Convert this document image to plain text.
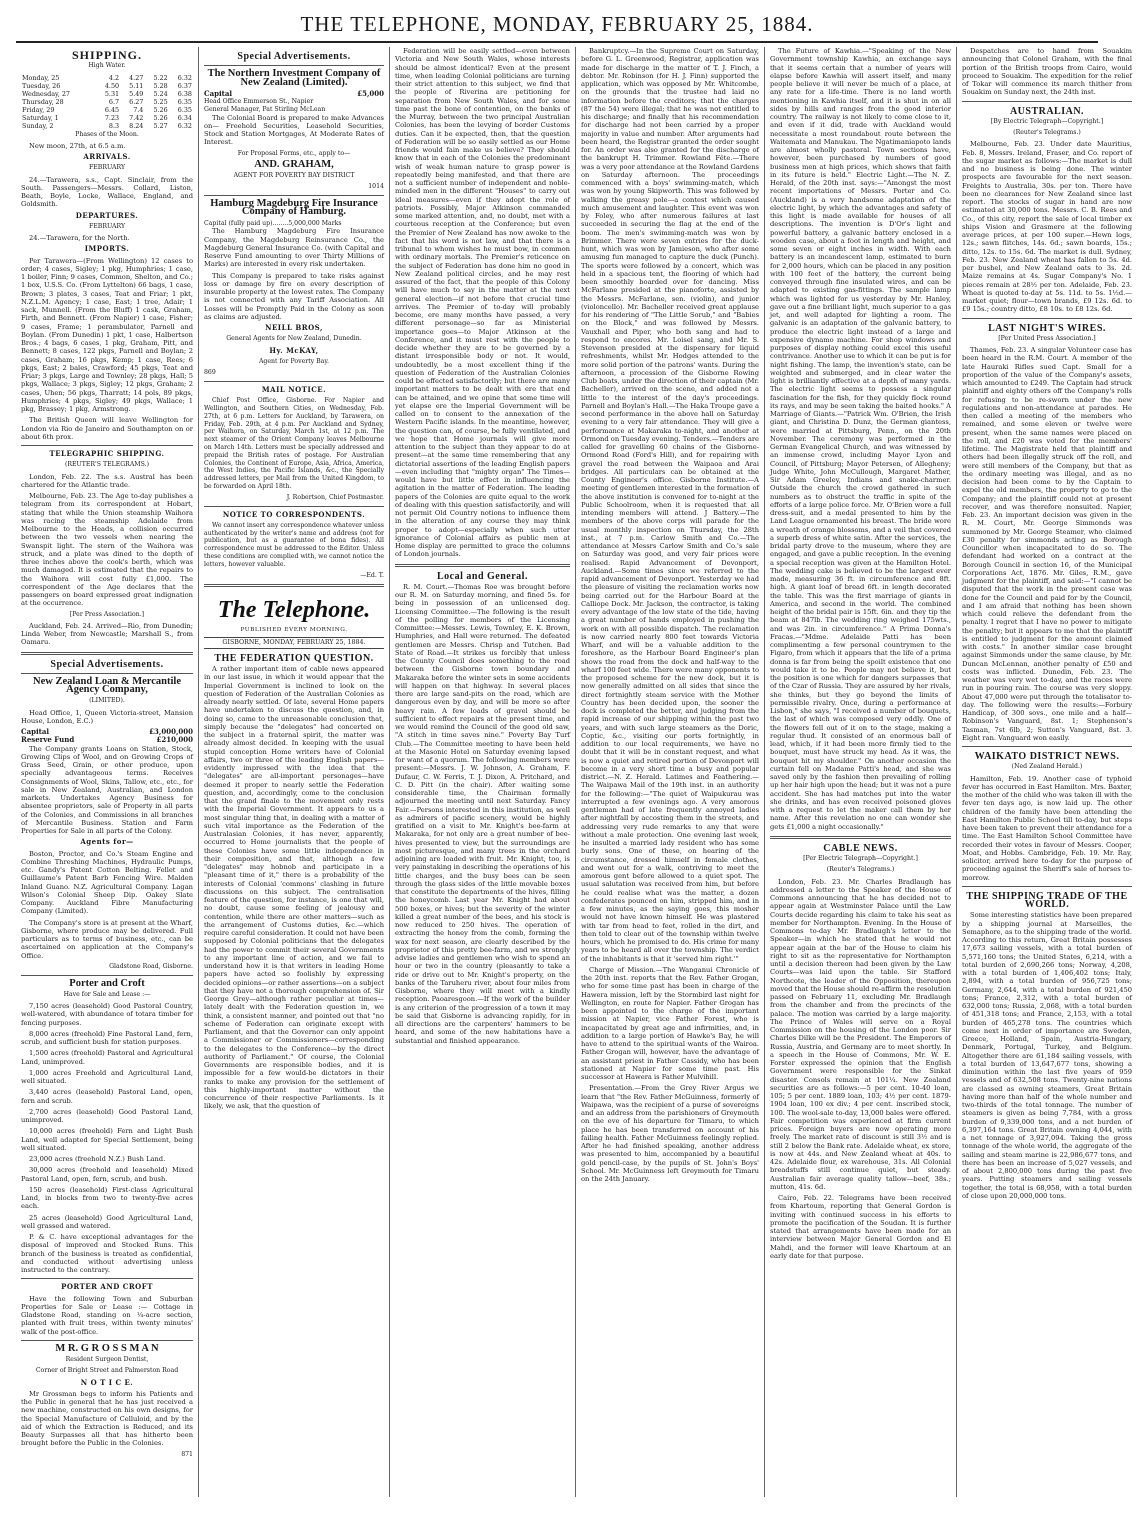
THE TELEPHONE, MONDAY, FEBRUARY 25, 1884.
SHIPPING.
High Water.
Monday, 25	4.2	4.27	5.22	6.32
Tuesday, 26	4.50	5.11	5.28	6.37
Wednesday, 27	5.31	5.49	5.24	6.38
Thursday, 28	6.7	6.27	5.25	6.35
Friday, 29	6.45	7.4	5.26	6.35
Saturday, 1	7.23	7.42	5.26	6.34
Sunday, 2	8.3	8.24	5.27	6.32
Phases of the Moon.

New moon, 27th, at 6.5 a.m.

ARRIVALS.
FEBRUARY

24.—Tarawera, s.s., Capt. Sinclair, from the South. Passengers—Messrs. Collard, Liston, Beath, Boyle, Locke, Wallace, England, and Goldsmith.

DEPARTURES.
FEBRUARY

24.—Tarawera, for the North.

IMPORTS.

Per Tarawera—(From Wellington) 12 cases to order; 4 cases, Sigley; 1 pkg, Humphries; 1 case, 1 boiler, Finn; 9 cases, Common, Shelton, and Co.; 1 box, U.S.S. Co. (From Lyttelton) 66 bags, 1 case, Brown; 3 plates, 3 cases, Teat and Friar; 1 pkt, N.Z.L.M. Agency; 1 case, East; 1 tree, Adair; 1 sack, Munnell. (From the Bluff) 1 cask, Graham, Firth, and Bennett. (From Napier) 1 case, Fisher; 9 cases, Frame; 1 perambulator, Parnell and Boylan. (From Dunedin) 1 pkt, 1 case, Halbertson Bros.; 4 bags, 6 cases, 1 pkg, Graham, Pitt, and Bennett; 8 cases, 122 pkgs, Parnell and Boylan; 2 cases, Graham; 16 pkgs, Kemp; 1 case, Rees; 6 pkgs, East; 2 bales, Crawford; 45 pkgs, Teat and Friar; 3 pkgs, Large and Townley; 28 pkgs, Hall; 5 pkgs, Wallace; 3 pkgs, Sigley; 12 pkgs, Graham; 2 cases, Uhen; 56 pkgs, Tharratt; 14 pols, 89 pkgs, Humphries; 4 pkgs, Sigley; 49 pkgs, Wallace; 1 pkg, Brassey; 1 pkg, Armstrong.

The British Queen will leave Wellington for London via Rio de Janeiro and Southampton on or about 6th prox.

TELEGRAPHIC SHIPPING.
(REUTER'S TELEGRAMS.)

London, Feb. 22. The s.s. Austral has been chartered for the Atlantic trade.

Melbourne, Feb. 23. The Age to-day publishes a telegram from its correspondent at Hobart, stating that while the Union steamship Waihora was racing the steamship Adelaide from Melbourne to the Heads, a collision occurred between the two vessels when nearing the Swanspit light. The stern of the Waihora was struck, and a plate was dined to the depth of three inches above the cook's berth, which was much damaged. It is estimated that the repairs to the Waihora will cost fully £1,000. The correspondent of the Age declares that the passengers on board expressed great indignation at the occurrence.

[Per Press Association.]

Auckland, Feb. 24. Arrived—Rio, from Dunedin; Linda Weber, from Newcastle; Marshall S., from Oamaru.

Special Advertisements.
New Zealand Loan & Mercantile Agency Company,
(LIMITED).

Head Office, 1, Queen Victoria-street, Mansion House, London, E.C.)

Capital	£3,000,000
Reserve Fund	£210,000

The Company grants Loans on Station, Stock, Growing Clips of Wool, and on Growing Crops of Grass Seed, Grain, or other produce, upon specially advantageous terms. Receives Consignments of Wool, Skins, Tallow, etc., etc., for sale in New Zealand, Australian, and London markets. Undertakes Agency Business for absentee proprietors, sale of Property in all parts of the Colonies, and Commissions in all branches of Mercantile Business. Station and Farm Properties for Sale in all parts of the Colony.

Agents for—

Boston, Proctor, and Co.'s Steam Engine and Combine Threshing Machines, Hydraulic Pumps, etc. Gandy's Patent Cotton Belting. Fellet and Guillaume's Patent Barb Fencing Wire. Malden Inland Guano. N.Z. Agricultural Company. Lagan Wilson's Colonial Sheep Dip. Oakey Slate Company. Auckland Fibre Manufacturing Company (Limited).

The Company's store is at present at the Wharf, Gisborne, where produce may be delivered. Full particulars as to terms of business, etc., can be ascertained on application at the Company's Office.

Gladstone Road, Gisborne.
Porter and Croft
Have for Sale and Lease :—

7,150 acres (leasehold) Good Pastoral Country, well-watered, with abundance of totara timber for fencing purposes.

8,000 acres (freehold) Fine Pastoral Land, fern, scrub, and sufficient bush for station purposes.

1,500 acres (freehold) Pastoral and Agricultural Land, unimproved.

1,000 acres Freehold and Agricultural Land, well situated.

3,440 acres (leasehold) Pastoral Land, open, fern and scrub.

2,700 acres (leasehold) Good Pastoral Land, unimproved.

10,000 acres (freehold) Fern and Light Bush Land, well adapted for Special Settlement, being well situated.

23,000 acres (freehold N.Z.) Bush Land.

30,000 acres (freehold and leasehold) Mixed Pastoral Land, open, fern, scrub, and bush.

150 acres (leasehold) First-class Agricultural Land, in blocks from two to twenty-five acres each.

25 acres (leasehold) Good Agricultural Land, well grassed and watered.

P. & C. have exceptional advantages for the disposal of improved and Stocked Runs. This branch of the business is treated as confidential, and conducted without advertising unless instructed to the contrary.

PORTER AND CROFT

Have the following Town and Suburban Properties for Sale or Lease :— Cottage in Gladstone Road, standing on ¼-acre section, planted with fruit trees, within twenty minutes' walk of the post-office.

M R. G R O S S M A N
Resident Surgeon Dentist,
Corner of Bright Street and Palmerston Road
N O T I C E.

Mr Grossman begs to inform his Patients and the Public in general that he has just received a new machine, constructed on his own designs, for the Special Manufacture of Celluloid, and by the aid of which the Extraction is Reduced, and its Beauty Surpasses all that has hitherto been brought before the Public in the Colonies.

871
Special Advertisements.
The Northern Investment Company of New Zealand (Limited).
Capital	£5,000
Head Office Emmerson St., Napier
General Manager, Pat Stirling McLean

The Colonial Board is prepared to make Advances on— Freehold Securities, Leasehold Securities, Stock and Station Mortgages, At Moderate Rates of Interest.

For Proposal Forms, etc., apply to—
AND. GRAHAM,
AGENT FOR POVERTY BAY DISTRICT
1014
Hamburg Magdeburg Fire Insurance Company of Hamburg.
Capital (fully paid up)........5,000,000 Marks

The Hamburg Magdeburg Fire Insurance Company, the Magdeburg Reinsurance Co., the Magdeburg General Insurance Co. (with Capital and Reserve Fund amounting to over Thirty Millions of Marks) are interested in every risk undertaken.

This Company is prepared to take risks against loss or damage by fire on every description of insurable property at the lowest rates. The Company is not connected with any Tariff Association. All Losses will be Promptly Paid in the Colony as soon as claims are adjusted.

NEILL BROS,
General Agents for New Zealand, Dunedin.
Hy. McKAY,
Agent for Poverty Bay.
869
MAIL NOTICE.

Chief Post Office, Gisborne. For Napier and Wellington, and Southern Cities, on Wednesday, Feb. 27th, at 6 p.m. Letters for Auckland, by Tarawera, on Friday, Feb. 29th, at 4 p.m. Per Auckland and Sydney, per Waihora, on Saturday, March 1st, at 12 p.m. The next steamer of the Orient Company leaves Melbourne on March 14th. Letters must be specially addressed and prepaid the British rates of postage. For Australian Colonies, the Continent of Europe, Asia, Africa, America, the West Indies, the Pacific Islands, &c., the Specially addressed letters, per Mail from the United Kingdom, to be forwarded on April 18th.

J. Robertson, Chief Postmaster.
NOTICE TO CORRESPONDENTS.

We cannot insert any correspondence whatever unless authenticated by the writer's name and address (not for publication, but as a guarantee of bona fides). All correspondence must be addressed to the Editor. Unless these conditions are complied with, we cannot notice the letters, however valuable.

—Ed. T.
The Telephone.
PUBLISHED EVERY MORNING.
GISBORNE, MONDAY, FEBRUARY 25, 1884.
THE FEDERATION QUESTION.

A rather important item of cable news appeared in our last issue, in which it would appear that the Imperial Government is inclined to look on the question of Federation of the Australian Colonies as already nearly settled. Of late, several Home papers have undertaken to discuss the question, and, in doing so, came to the unreasonable conclusion that, simply because the "delegates" had concerted on the subject in a fraternal spirit, the matter was already almost decided. In keeping with the usual stupid conception Home writers have of Colonial affairs, two or three of the leading English papers—evidently impressed with the idea that the "delegates" are all-important personages—have deemed it proper to nearly settle the Federation question, and, accordingly, come to the conclusion that the grand finale to the movement only rests with the Imperial Government. It appears to us a most singular thing that, in dealing with a matter of such vital importance as the Federation of the Australasian Colonies, it has never, apparently, occurred to Home journalists that the people of these Colonies have some little independence in their composition, and that, although a few "delegates" may hobnob and participate in a "pleasant time of it," there is a probability of the interests of Colonial 'commons' clashing in future discussions on this subject. The centralisation feature of the question, for instance, is one that will, no doubt, cause some feeling of jealousy and contention, while there are other matters—such as the arrangement of Customs duties, &c.—which require careful consideration. It could not have been supposed by Colonial politicians that the delegates had the power to commit their several Governments to any important line of action, and we fail to understand how it is that writers in leading Home papers have acted so foolishly by expressing decided opinions—or rather assertions—on a subject that they have not a thorough comprehension of. Sir George Grey—although rather peculiar at times—lately dealt with the Federation question in, we think, a consistent manner, and pointed out that "no scheme of Federation can originate except with Parliament, and that the Governor can only appoint a Commissioner or Commissioners—corresponding to the delegates to the Conference—by the direct authority of Parliament." Of course, the Colonial Governments are responsible bodies, and it is impossible for a few would-be dictators in their ranks to make any provision for the settlement of this highly-important matter without the concurrence of their respective Parliaments. Is it likely, we ask, that the question of

Federation will be easily settled—even between Victoria and New South Wales, whose interests should be almost identical? Even at the present time, when leading Colonial politicians are turning their strict attention to this subject, we find that the people of Riverina are petitioning for separation from New South Wales, and for some time past the bone of contention, on the banks of the Murray, between the two principal Australian Colonies, has been the levying of border Customs duties. Can it be expected, then, that the question of Federation will be so easily settled as our Home friends would fain make us believe? They should know that in each of the Colonies the predominant wish of weak human nature to grasp power is repeatedly being manifested, and that there are not a sufficient number of independent and noble-minded men in the different "Houses" to carry out ideal measures—even if they adopt the role of patriots. Possibly, Major Atkinson commanded some marked attention, and, no doubt, met with a courteous reception at the Conference; but even the Premier of New Zealand has now awoke to the fact that his word is not law, and that there is a tribunal to whom wishes he must bow, in common with ordinary mortals. The Premier's reticence on the subject of Federation has done him no good in New Zealand political circles, and he may rest assured of the fact, that the people of this Colony will have much to say in the matter at the next general election—if not before that crucial time arrives. The Premier of to-day will probably become, ere many months have passed, a very different personage—so far as Ministerial importance goes—to Major Atkinson at the Conference, and it must rest with the people to decide whether they are to be governed by a distant irresponsible body or not. It would, undoubtedly, be a most excellent thing if the question of Federation of the Australian Colonies could be effected satisfactorily; but there are many important matters to be dealt with ere that end can be attained, and we opine that some time will yet elapse ere the Imperial Government will be called on to consent to the annexation of the Western Pacific islands. In the meantime, however, the question can, of course, be fully ventilated, and we hope that Home journals will give more attention to the subject than they appear to do at present—at the same time remembering that any dictatorial assertions of the leading English papers—even including that "mighty organ" The Times—would have but little effect in influencing the agitation in the matter of Federation. The leading papers of the Colonies are quite equal to the work of dealing with this question satisfactorily, and will not permit Old Country notions to influence them in the alteration of any course they may think proper to adopt—especially when such utter ignorance of Colonial affairs as public men at Home display are permitted to grace the columns of London journals.

Local and General.

R. M. Court.—Thomas Roe was brought before our R. M. on Saturday morning, and fined 5s. for being in possession of an unlicensed dog. Licensing Committee.—The following is the result of the polling for members of the Licensing Committee:—Messrs. Lewis, Townley, E. K. Brown, Humphries, and Hall were returned. The defeated gentlemen are Messrs. Chrisp and Tutchen. Bad State of Road.—It strikes us forcibly that unless the County Council does something to the road between the Gisborne town boundary and Makaraka before the winter sets in some accidents will happen on that highway. In several places there are large sand-pits on the road, which are dangerous even by day, and will be more so after heavy rain. A few loads of gravel should be sufficient to effect repairs at the present time, and we would remind the Council of the good old saw, "A stitch in time saves nine." Poverty Bay Turf Club.—The Committee meeting to have been held at the Masonic Hotel on Saturday evening lapsed for want of a quorum. The following members were present:—Messrs. J. W. Johnson, A. Graham, F. Dufaur, C. W. Ferris, T. J. Dixon, A. Pritchard, and C. D. Pitt (in the chair). After waiting some considerable time, the Chairman formally adjourned the meeting until next Saturday. Fancy Fair.—Persons interested in this institution, as well as admirers of pacific scenery, would be highly gratified on a visit to Mr. Knight's bee-farm at Makaraka, for not only are a great number of bee-hives presented to view, but the surroundings are most picturesque, and many trees in the orchard adjoining are loaded with fruit. Mr. Knight, too, is very painstaking in describing the operations of his little charges, and the busy bees can be seen through the glass sides of the little movable boxes that constitute the departments of the hives, filling the honeycomb. Last year Mr. Knight had about 500 boxes, or hives; but the severity of the winter killed a great number of the bees, and his stock is now reduced to 250 hives. The operation of extracting the honey from the comb, forming the wax for next season, are clearly described by the proprietor of this pretty bee-farm, and we strongly advise ladies and gentlemen who wish to spend an hour or two in the country (pleasantly to take a ride or drive out to Mr. Knight's property, on the banks of the Taruheru river, about four miles from Gisborne, where they will meet with a kindly reception. Paoaresgoon.—If the work of the builder is any criterion of the progression of a town it may be said that Gisborne is advancing rapidly, for in all directions are the carpenters' hammers to be heard, and some of the new habitations have a substantial and finished appearance.

Bankruptcy.—In the Supreme Court on Saturday, before G. L. Greenwood, Registrar, application was made for discharge in the matter of T. J. Finch, a debtor. Mr. Robinson (for H. J. Finn) supported the application, which was opposed by Mr. Whitcombe, on the grounds that the trustee had laid no information before the creditors; that the charges (87 the 54) were illegal; that he was not entitled to his discharge; and finally that his recommendation for discharge had not been carried by a proper majority in value and number. After arguments had been heard, the Registrar granted the order sought for. An order was also granted for the discharge of the bankrupt H. Trimmer. Rowland Fête.—There was a very poor attendance at the Rowland Gardens on Saturday afternoon. The proceedings commenced with a boys' swimming-match, which was won by young Skipworth. This was followed by walking the greasy pole—a contest which caused much amusement and laughter. This event was won by Foley, who after numerous failures at last succeeded in securing the flag at the end of the boom. The men's swimming-match was won by Brimmer. There were seven entries for the duck-hunt, which was won by Jamieson, who after some amusing fun managed to capture the duck (Punch). The sports were followed by a concert, which was held in a spacious tent, the flooring of which had been smoothly boarded over for dancing. Miss McFarlane presided at the pianoforte, assisted by the Messrs. McFarlane, sen. (violin), and junior (violoncello). Mr. Bacheller received great applause for his rendering of "The Little Sorub," and "Babies on the Block," and was followed by Messrs. Vauxhall and Piper, who both sang and had to respond to encores. Mr. Loisel sang, and Mr. S. Stevenson presided at the dispensary for liquid refreshments, whilst Mr. Hodges attended to the more solid portion of the patrons' wants. During the afternoon, a procession of the Gisborne Rowing Club boats, under the direction of their captain (Mr. Bacheller), arrived on the scene, and added not a little to the interest of the day's proceedings. Parnell and Boylan's Hall.—The Haka Troupe gave a second performance in the above hall on Saturday evening to a very fair attendance. They will give a performance at Makaraka to-night, and another at Ormond on Tuesday evening. Tenders.—Tenders are called for gravelling 60 chains of the Gisborne-Ormond Road (Ford's Hill), and for repairing with gravel the road between the Waipaoa and Arai bridges. All particulars can be obtained at the County Engineer's office. Gisborne Institute.—A meeting of gentlemen interested in the formation of the above institution is convened for to-night at the Public Schoolroom, when it is requested that all intending members will attend. J Battery.—The members of the above corps will parade for the usual monthly inspection on Thursday, the 28th inst., at 7 p.m. Carlow Smith and Co.—The attendance at Messrs Carlow Smith and Co.'s sale on Saturday was good, and very fair prices were realised. Rapid Advancement of Devonport, Auckland.—Some times since we referred to the rapid advancement of Devonport. Yesterday we had the pleasure of visiting the reclamation works now being carried out for the Harbour Board at the Calliope Dock. Mr. Jackson, the contractor, is taking every advantage of the low state of the tide, having a great number of hands employed in pushing the work on with all possible dispatch. The reclamation is now carried nearly 800 feet towards Victoria Wharf, and will be a valuable addition to the foreshore, as the Harbour Board Engineer's plan shows the road from the dock and half-way to the wharf 100 feet wide. There were many opponents to the proposed scheme for the new dock, but it is now generally admitted on all sides that since the direct fortnightly steam service with the Mother Country has been decided upon, the sooner the dock is completed the better, and judging from the rapid increase of our shipping within the past two years, and with such large steamers as the Doric, Coptic, &c., visiting our ports fortnightly, in addition to our local requirements, we have no doubt that it will be in constant request, and what is now a quiet and retired portion of Devonport will become in a very short time a busy and popular district.—N. Z. Herald. Latimes and Feathering.—The Waipawa Mail of the 19th inst. in an authority for the following:—"The quiet of Waipukurau was interrupted a few evenings ago. A very amorous gentleman had of late frequently annoyed ladies after nightfall by accosting them in the streets, and addressing very rude remarks to any that were without a male protection. One evening last week, he insulted a married lady resident who has some burly sons. One of these, on hearing of the circumstance, dressed himself in female clothes, and went out for a walk, contriving to meet the amorous gent before allowed to a quiet spot. The usual salutation was received from him, but before he could realise what was the matter, a dozen confederates pounced on him, stripped him, and in a few minutes, as the saying goes, this mosher would not have known himself. He was plastered with tar from head to feet, rolled in the dirt, and then told to clear out of the township within twelve hours, which he promised to do. His crime for many years to be heard all over the township. The verdict of the inhabitants is that it 'served him right.'"

Charge of Mission.—The Wanganui Chronicle of the 20th inst. reports that the Rev. Father Grogan, who for some time past has been in charge of the Hawera mission, left by the Stormbird last night for Wellington, en route for Napier. Father Grogan has been appointed to the charge of the important mission at Napier, vice Father Forest, who is incapacitated by great age and infirmities, and, in addition to a large portion of Hawke's Bay, he will have to attend to the spiritual wants of the Wairoa. Father Grogan will, however, have the advantage of an assistant priest in Father Cassidy, who has been stationed at Napier for some time past. His successor at Hawera is Father Mulvihill.

Presentation.—From the Grey River Argus we learn that "the Rev. Father McGuinness, formerly of Waipawa, was the recipient of a purse of sovereigns and an address from the parishioners of Greymouth on the eve of his departure for Timaru, to which place he has been transferred on account of his failing health. Father McGuinness feelingly replied. After he had finished speaking, another address was presented to him, accompanied by a beautiful gold pencil-case, by the pupils of St. John's Boys' School. Mr. McGuinness left Greymouth for Timaru on the 24th January.

The Future of Kawhia.—"Speaking of the New Government township Kawhia, an exchange says that it seems certain that a number of years will elapse before Kawhia will assert itself, and many people believe it will never be much of a place, at any rate for a life-time. There is no land worth mentioning in Kawhia itself, and it is shut in on all sides by hills and ranges from the good interior country. The railway is not likely to come close to it, and even if it did, trade with Auckland would necessitate a most roundabout route between the Waitemata and Manukau. The Ngatimaniapoto lands are almost wholly pastoral. Town sections have, however, been purchased by numbers of good business men at high prices, which shows that faith in its future is held." Electric Light.—The N. Z. Herald, of the 20th inst. says:—"Amongst the most recent importations of Messrs. Porter and Co. (Auckland) is a very handsome adaptation of the electric light, by which the advantages and safety of this light is made available for houses of all descriptions. The invention is D'Or's light and powerful battery, a galvanic battery enclosed in a wooden case, about a foot in length and height, and some seven or eight inches in width. With each battery is an incandescent lamp, estimated to burn for 2,000 hours, which can be placed in any position with 100 feet of the battery, the current being conveyed through fine insulated wires, and can be adapted to existing gas-fittings. The sample lamp which was lighted for us yesterday by Mr. Hanley, gave out a fine brilliant light, much superior to a gas jet, and well adapted for lighting a room. The galvanic is an adaptation of the galvanic battery, to produce the electric light instead of a large and expensive dynamo machine. For shop windows and purposes of display nothing could excel this useful contrivance. Another use to which it can be put is for night fishing. The lamp, the invention's state, can be weighted and submerged, and in clear water the light is brilliantly effective at a depth of many yards. The electric light seems to possess a singular fascination for the fish, for they quickly flock round its rays, and may be seen taking the baited hooks." A Marriage of Giants.—"Patrick Wm. O'Brien, the Irish giant, and Christina D. Dunz, the German giantess, were married at Pittsburg, Penn., on the 20th November. The ceremony was performed in the German Evangelical Church, and was witnessed by an immense crowd, including Mayor Lyon and Council, of Pittsburg; Mayor Petersen, of Allegheny; Judge White, John McCullough, Margaret Mather, Sir Adam Greeley, Indians and snake-charmer. Outside the church the crowd gathered in such numbers as to obstruct the traffic in spite of the efforts of a large police force. Mr. O'Brien wore a full dress-suit, and a medal presented to him by the Land League ornamented his breast. The bride wore a wreath of orange blossoms, and a veil that covered a superb dress of white satin. After the services, the bridal party drove to the museum, where they are engaged, and gave a public reception. In the evening a special reception was given at the Hamilton Hotel. The wedding cake is believed to be the largest ever made, measuring 36 ft. in circumference and 8ft. high. A giant loaf of bread 6ft. in length decorated the table. This was the first marriage of giants in America, and second in the world. The combined height of the bridal pair is 15ft. 6in. and they tip the beam at 847lb. The wedding ring weighed 175wts., and was 2in. in circumference." A Prima Donna's Fracas.—"Mdme. Adelaide Patti has been complimenting a few personal countrymen to the Figaro, from which it appears that the life of a prima donna is far from being the spoilt existence that one would take it to be. People may not believe it, but the position is one which for dangers surpasses that of the Czar of Russia. They are assured by her rivals, she thinks, but they go beyond the limits of permissible rivalry. Once, during a performance at Lisbon," she says, "I received a number of bouquets, the last of which was composed very oddly. One of the flowers fell out of it on to the stage, making a regular thud. It consisted of an enormous ball of lead, which, if it had been more firmly tied to the bouquet, must have struck my head. As it was, the bouquet hit my shoulder." On another occasion the curtain fell on Madame Patti's head, and she was saved only by the fashion then prevailing of rolling up her hair high upon the head; but it was not a pure accident. She has had matches put into the water she drinks, and has even received poisoned gloves with a request to let the maker call them by her name. After this revelation no one can wonder she gets £1,000 a night occasionally."

CABLE NEWS.
[Per Electric Telegraph—Copyright.]
(Reuter's Telegrams.)

London, Feb. 23. Mr. Charles Bradlaugh has addressed a letter to the Speaker of the House of Commons announcing that he has decided not to appear again at Westminster Palace until the Law Courts decide regarding his claim to take his seat as member for Northampton. Evening. In the House of Commons to-day Mr. Bradlaugh's letter to the Speaker—in which he stated that he would not appear again at the bar of the House to claim his right to sit as the representative for Northampton until a decision thereon had been given by the Law Courts—was laid upon the table. Sir Stafford Northcote, the leader of the Opposition, thereupon moved that the House should re-affirm the resolution passed on February 11, excluding Mr. Bradlaugh from the chamber and from the precincts of the palace. The motion was carried by a large majority. The Prince of Wales will serve on a Royal Commission on the housing of the London poor. Sir Charles Dilke will be the President. The Emperors of Russia, Austria, and Germany are to meet shortly. In a speech in the House of Commons, Mr. W. E. Forster expressed the opinion that the English Government were responsible for the Sinkat disaster. Consols remain at 101¼. New Zealand securities are as follows:—5 per cent. 10-40 loan, 105; 5 per cent. 1889 loan, 103; 4½ per cent. 1879-1904 loan, 100 ex div.; 4 per cent. inscribed stock, 100. The wool-sale to-day, 13,000 bales were offered. Fair competition was experienced at firm current prices. Foreign buyers are now operating more freely. The market rate of discount is still 3½ and is still 2 below the Bank rate. Adelaide wheat, ex store, is now at 44s. and New Zealand wheat at 40s. to 42s. Adelaide flour, ex warehouse, 31s. All Colonial breadstuffs still continue quiet, but steady. Australian fair average quality tallow—beef, 38s.; mutton, 41s. 6d.

Cairo, Feb. 22. Telegrams have been received from Khartoum, reporting that General Gordon is inviting with continued success in his efforts to promote the pacification of the Soudan. It is further stated that arrangements have been made for an interview between Major General Gordon and El Mahdi, and the former will leave Khartoum at an early date for that purpose.

Despatches are to hand from Souakim announcing that Colonel Graham, with the final portion of the British troops from Cairo, would proceed to Souakim. The expedition for the relief of Tokar will commence its march thither from Souakim on Sunday next, the 24th inst.

AUSTRALIAN.
[By Electric Telegraph—Copyright.]
(Reuter's Telegrams.)

Melbourne, Feb. 23. Under date Mauritius, Feb. 8, Messrs. Ireland, Fraser, and Co. report of the sugar market as follows:—The market is dull and no business is being done. The winter prospects are favourable for the next season. Freights to Australia, 30s. per ton. There have been no clearances for New Zealand since last report. The stocks of sugar in hand are now estimated at 30,000 tons. Messrs. C. B. Rees and Co., of this city, report the sale of local timber ex ships Vision and Grasmere at the following average prices, at per 100 super.—Hewn logs, 12s.; sawn flitches, 14s. 6d.; sawn boards, 15s.; ditto, 12s. to 15s. 6d. The market is dull. Sydney, Feb. 23. New Zealand wheat has fallen to 5s. 4d. per bushel, and New Zealand oats to 3s. 2d. Maize remains at 4s. Sugar Company's No. 1 pieces remain at 28½ per ton. Adelaide, Feb. 23. Wheat is quoted to-day at 5s. 11d. to 5s. 1½d.—market quiet; flour—town brands, £9 12s. 6d. to £9 15s.; country ditto, £8 10s. to £8 12s. 6d.

LAST NIGHT'S WIRES.
[Per United Press Association.]

Thames, Feb. 23. A singular Volunteer case has been heard in the R.M. Court. A member of the late Hauraki Rifles sued Capt. Small for a proportion of the value of the Company's assets, which amounted to £249. The Captain had struck plaintiff and eighty others off the Company's rolls for refusing to be re-sworn under the new regulations and non-attendance at parades. He then called a meeting of the members who remained, and some eleven or twelve were present, when the same names were placed on the roll, and £20 was voted for the members' lifetime. The Magistrate held that plaintiff and others had been illegally struck off the roll, and were still members of the Company, but that as the ordinary meeting was illegal, and as no decision had been come to by the Captain to expel the old members, the property to go to the Company; and the plaintiff could not at present recover, and was therefore nonsuited. Napier, Feb. 23. An important decision was given in the R. M. Court, Mr. George Simmonds was summoned by Mr. George Steamer, who claimed £30 penalty for simmonds acting as Borough Councillor when incapacitated to do so. The defendant had worked on a contract at the Borough Council in section 16, of the Municipal Corporations Act, 1876. Mr. Giles, R.M., gave judgment for the plaintiff, and said:—"I cannot be disputed that the work in the present case was done for the Council and paid for by the Council, and I am afraid that nothing has been shown which could relieve the defendant from the penalty. I regret that I have no power to mitigate the penalty; but it appears to me that the plaintiff is entitled to judgment for the amount claimed with costs." In another similar case brought against Simmonds under the same clause, by Mr. Duncan McLennan, another penalty of £50 and costs was inflicted. Dunedin, Feb. 23. The weather was very wet to-day, and the races were run in pouring rain. The course was very sloppy. About 47,000 were put through the totalisator to-day. The following were the results:—Forbury Handicap, of 300 sovs., one mile and a half—Robinson's Vanguard, 8st. 1; Stephenson's Tasman, 7st 6lb, 2; Sutton's Vanguard, 8st. 3. Eight ran. Vanguard won easily.

WAIKATO DISTRICT NEWS.
(Ned Zealand Herald.)

Hamilton, Feb. 19. Another case of typhoid fever has occurred in East Hamilton. Mrs. Baxter, the mother of the child who was taken ill with the fever ten days ago, is now laid up. The other children of the family have been attending the East Hamilton Public School till to-day, but steps have been taken to prevent their attendance for a time. The East Hamilton School Committee have recorded their votes in favour of Messrs. Cooper, Moat, and Hobbs. Cambridge, Feb. 19. Mr. Ray, solicitor, arrived here to-day for the purpose of proceeding against the Sheriff's sale of horses to-morrow.

THE SHIPPING TRADE OF THE WORLD.

Some interesting statistics have been prepared by a shipping journal at Marseilles, the Semaphore, as to the shipping trade of the world. According to this return, Great Britain possesses 17,673 sailing vessels, with a total burden of 5,571,160 tons; the United States, 6,214, with a total burden of 2,690,266 tons; Norway, 4,208, with a total burden of 1,406,402 tons; Italy, 2,894, with a total burden of 956,725 tons; Germany, 2,644, with a total burden of 921,450 tons; France, 2,312, with a total burden of 632,000 tons; Russia, 2,068, with a total burden of 451,318 tons; and France, 2,153, with a total burden of 465,278 tons. The countries which come next in order of importance are Sweden, Greece, Holland, Spain, Austria-Hungary, Denmark, Portugal, Turkey, and Belgium. Altogether there are 61,184 sailing vessels, with a total burden of 13,647,677 tons, showing a diminution within the last five years of 959 vessels and of 632,508 tons. Twenty-nine nations are classed as owning steamers, Great Britain having more than half of the whole number and two-thirds of the total tonnage. The number of steamers is given as being 7,784, with a gross burden of 9,339,000 tons, and a net burden of 6,397,164 tons. Great Britain owning 4,044, with a net tonnage of 3,927,094. Taking the gross tonnage of the whole world, the aggregate of the sailing and steam marine is 22,986,677 tons, and there has been an increase of 5,027 vessels, and of about 2,800,000 tons during the past five years. Putting steamers and sailing vessels together, the total is 68,958, with a total burden of close upon 20,000,000 tons.
